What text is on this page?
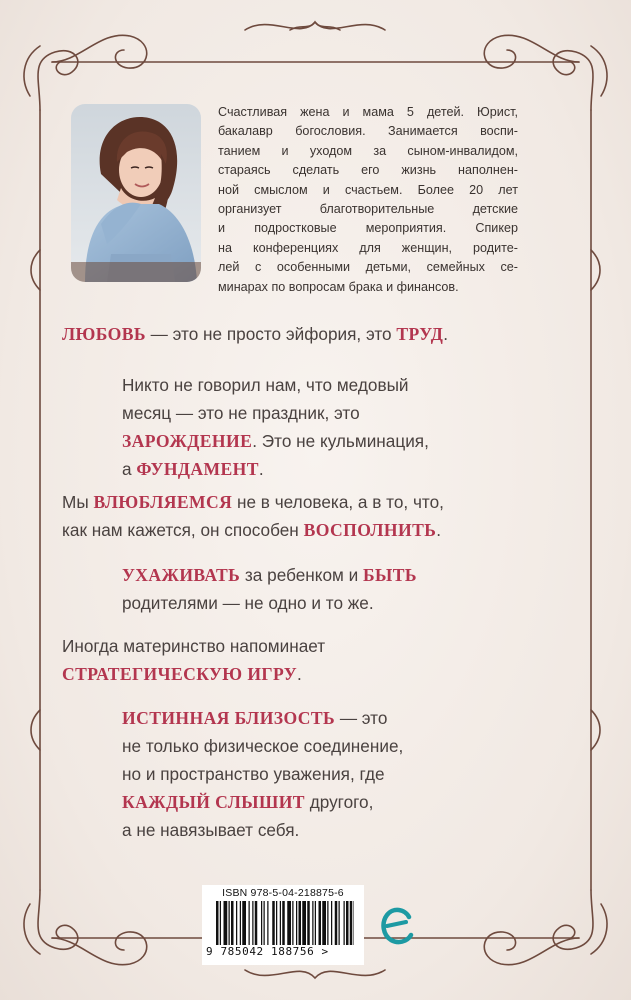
Счастливая жена и мама 5 детей. Юрист,
бакалавр богословия. Занимается воспи-
танием и уходом за сыном-инвалидом,
стараясь сделать его жизнь наполнен-
ной смыслом и счастьем. Более 20 лет
организует благотворительные детские
и подростковые мероприятия. Спикер
на конференциях для женщин, родите-
лей с особенными детьми, семейных се-
минарах по вопросам брака и финансов.
ЛЮБОВЬ — это не просто эйфория, это ТРУД.
Никто не говорил нам, что медовый
месяц — это не праздник, это
ЗАРОЖДЕНИЕ. Это не кульминация,
а ФУНДАМЕНТ.
Мы ВЛЮБЛЯЕМСЯ не в человека, а в то, что,
как нам кажется, он способен ВОСПОЛНИТЬ.
УХАЖИВАТЬ за ребенком и БЫТЬ
родителями — не одно и то же.
Иногда материнство напоминает
СТРАТЕГИЧЕСКУЮ ИГРУ.
ИСТИННАЯ БЛИЗОСТЬ — это
не только физическое соединение,
но и пространство уважения, где
КАЖДЫЙ СЛЫШИТ другого,
а не навязывает себя.
ISBN 978-5-04-218875-6
9 785042 188756 >
